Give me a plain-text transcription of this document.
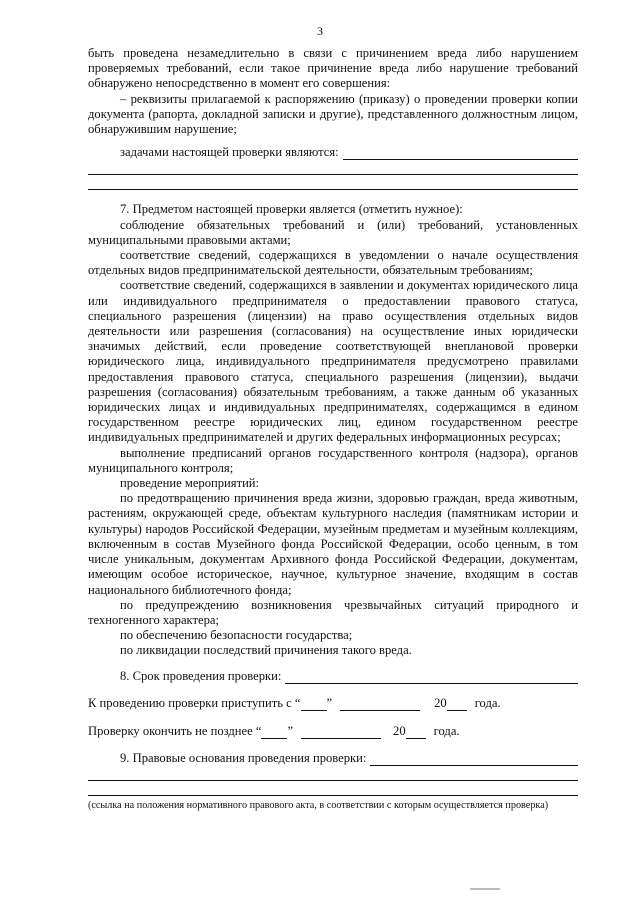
3

быть проведена незамедлительно в связи с причинением вреда либо нарушением проверяемых требований, если такое причинение вреда либо нарушение требований обнаружено непосредственно в момент его совершения:

– реквизиты прилагаемой к распоряжению (приказу) о проведении проверки копии документа (рапорта, докладной записки и другие), представленного должностным лицом, обнаружившим нарушение;

задачами настоящей проверки являются:

7. Предметом настоящей проверки является (отметить нужное):

соблюдение обязательных требований и (или) требований, установленных муниципальными правовыми актами;

соответствие сведений, содержащихся в уведомлении о начале осуществления отдельных видов предпринимательской деятельности, обязательным требованиям;

соответствие сведений, содержащихся в заявлении и документах юридического лица или индивидуального предпринимателя о предоставлении правового статуса, специального разрешения (лицензии) на право осуществления отдельных видов деятельности или разрешения (согласования) на осуществление иных юридически значимых действий, если проведение соответствующей внеплановой проверки юридического лица, индивидуального предпринимателя предусмотрено правилами предоставления правового статуса, специального разрешения (лицензии), выдачи разрешения (согласования) обязательным требованиям, а также данным об указанных юридических лицах и индивидуальных предпринимателях, содержащимся в едином государственном реестре юридических лиц, едином государственном реестре индивидуальных предпринимателей и других федеральных информационных ресурсах;

выполнение предписаний органов государственного контроля (надзора), органов муниципального контроля;

проведение мероприятий:

по предотвращению причинения вреда жизни, здоровью граждан, вреда животным, растениям, окружающей среде, объектам культурного наследия (памятникам истории и культуры) народов Российской Федерации, музейным предметам и музейным коллекциям, включенным в состав Музейного фонда Российской Федерации, особо ценным, в том числе уникальным, документам Архивного фонда Российской Федерации, документам, имеющим особое историческое, научное, культурное значение, входящим в состав национального библиотечного фонда;

по предупреждению возникновения чрезвычайных ситуаций природного и техногенного характера;

по обеспечению безопасности государства;

по ликвидации последствий причинения такого вреда.

8. Срок проведения проверки:
К проведению проверки приступить с “ ”	20 года.
Проверку окончить не позднее “ ”	20 года.
9. Правовые основания проведения проверки:

(ссылка на положения нормативного правового акта, в соответствии с которым осуществляется проверка)
